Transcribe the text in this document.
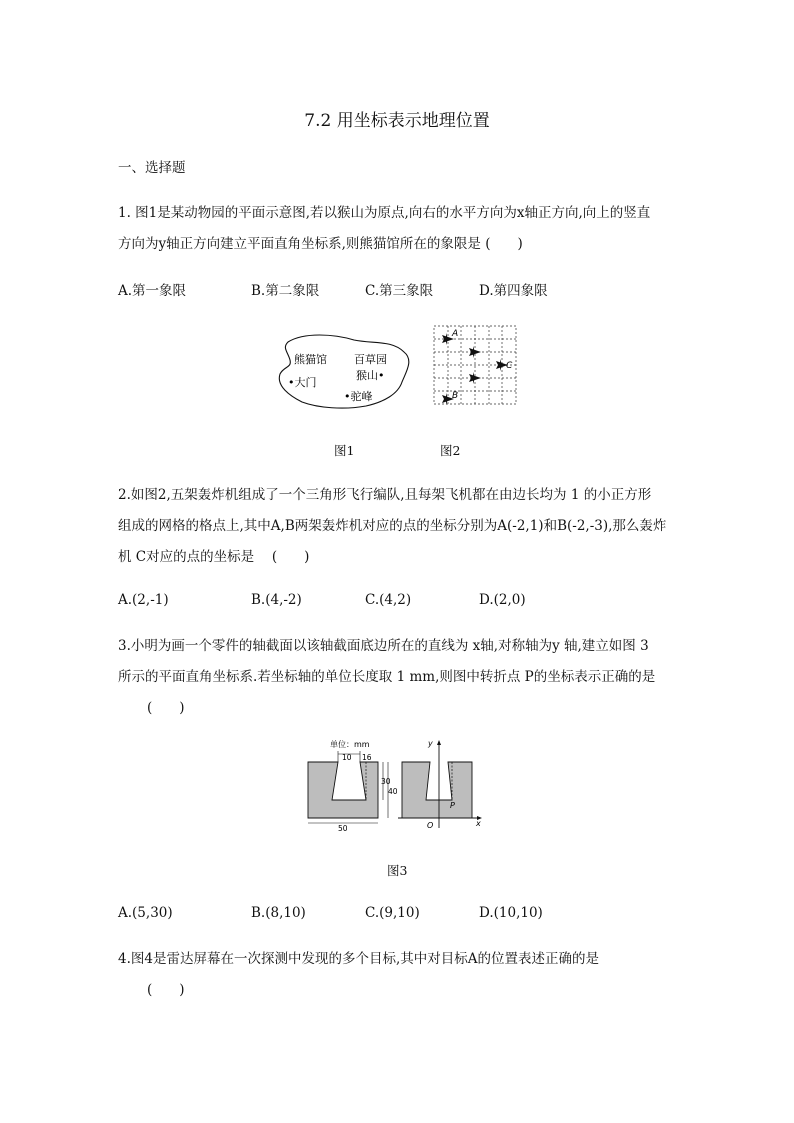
7.2 用坐标表示地理位置
一、选择题
1. 图1是某动物园的平面示意图,若以猴山为原点,向右的水平方向为x轴正方向,向上的竖直
方向为y轴正方向建立平面直角坐标系,则熊猫馆所在的象限是 (　　)
A.第一象限	B.第二象限	C.第三象限	D.第四象限
熊猫馆
•大门
百草园
猴山•
•驼峰
A
C
B
图1	图2
2.如图2,五架轰炸机组成了一个三角形飞行编队,且每架飞机都在由边长均为 1 的小正方形
组成的网格的格点上,其中A,B两架轰炸机对应的点的坐标分别为A(-2,1)和B(-2,-3),那么轰炸
机 C对应的点的坐标是　 (　　)
A.(2,-1)	B.(4,-2)	C.(4,2)	D.(2,0)
3.小明为画一个零件的轴截面以该轴截面底边所在的直线为 x轴,对称轴为y 轴,建立如图 3
所示的平面直角坐标系.若坐标轴的单位长度取 1 mm,则图中转折点 P的坐标表示正确的是
(　　)
单位：mm
10 16
30
40
50
y
x
O
P
图3
A.(5,30)	B.(8,10)	C.(9,10)	D.(10,10)
4.图4是雷达屏幕在一次探测中发现的多个目标,其中对目标A的位置表述正确的是
(　　)
